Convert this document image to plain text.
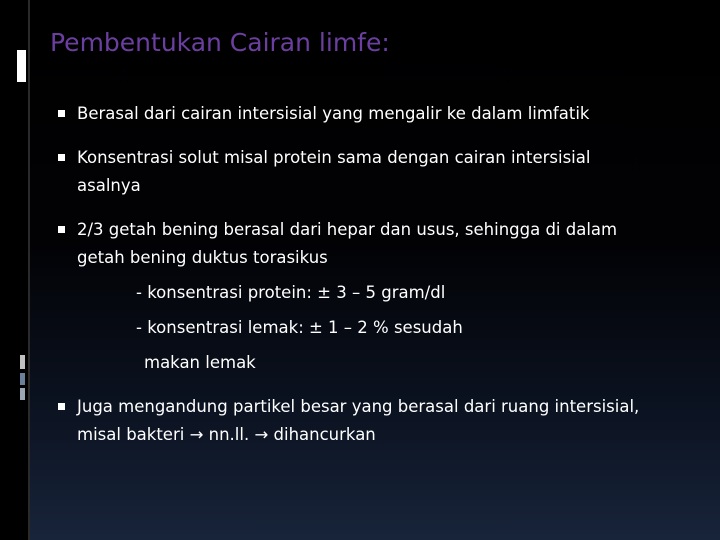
Pembentukan Cairan limfe:
Berasal dari cairan intersisial yang mengalir ke dalam limfatik
Konsentrasi solut misal protein sama dengan cairan intersisial
asalnya
2/3 getah bening berasal dari hepar dan usus, sehingga di dalam
getah bening duktus torasikus
- konsentrasi protein: ± 3 – 5 gram/dl
- konsentrasi lemak: ± 1 – 2 % sesudah
makan lemak
Juga mengandung partikel besar yang berasal dari ruang intersisial,
misal bakteri → nn.ll. → dihancurkan
